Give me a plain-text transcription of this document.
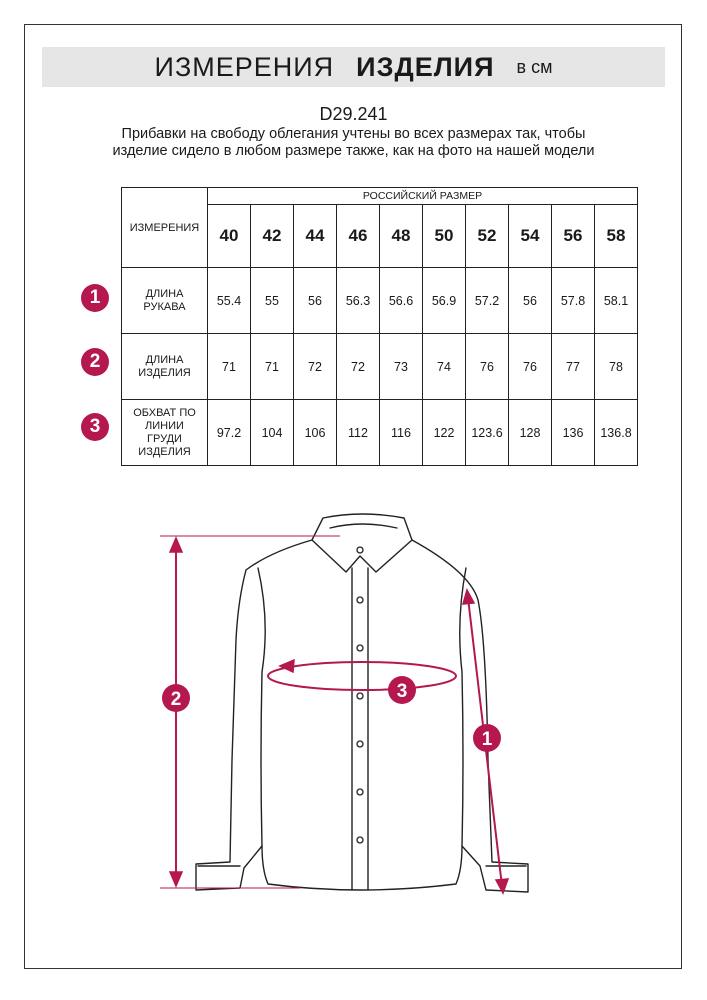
ИЗМЕРЕНИЯ ИЗДЕЛИЯ в см
D29.241
Прибавки на свободу облегания учтены во всех размерах так, чтобы изделие сидело в любом размере также, как на фото на нашей модели
ИЗМЕРЕНИЯ	РОССИЙСКИЙ РАЗМЕР									
	40	42	44	46	48	50	52	54	56	58

ДЛИНА
РУКАВА	55.4	55	56	56.3	56.6	56.9	57.2	56	57.8	58.1

ДЛИНА
ИЗДЕЛИЯ	71	71	72	72	73	74	76	76	77	78

ОБХВАТ ПО
ЛИНИИ
ГРУДИ
ИЗДЕЛИЯ	97.2	104	106	112	116	122	123.6	128	136	136.8
1
2
3
2	3
1
